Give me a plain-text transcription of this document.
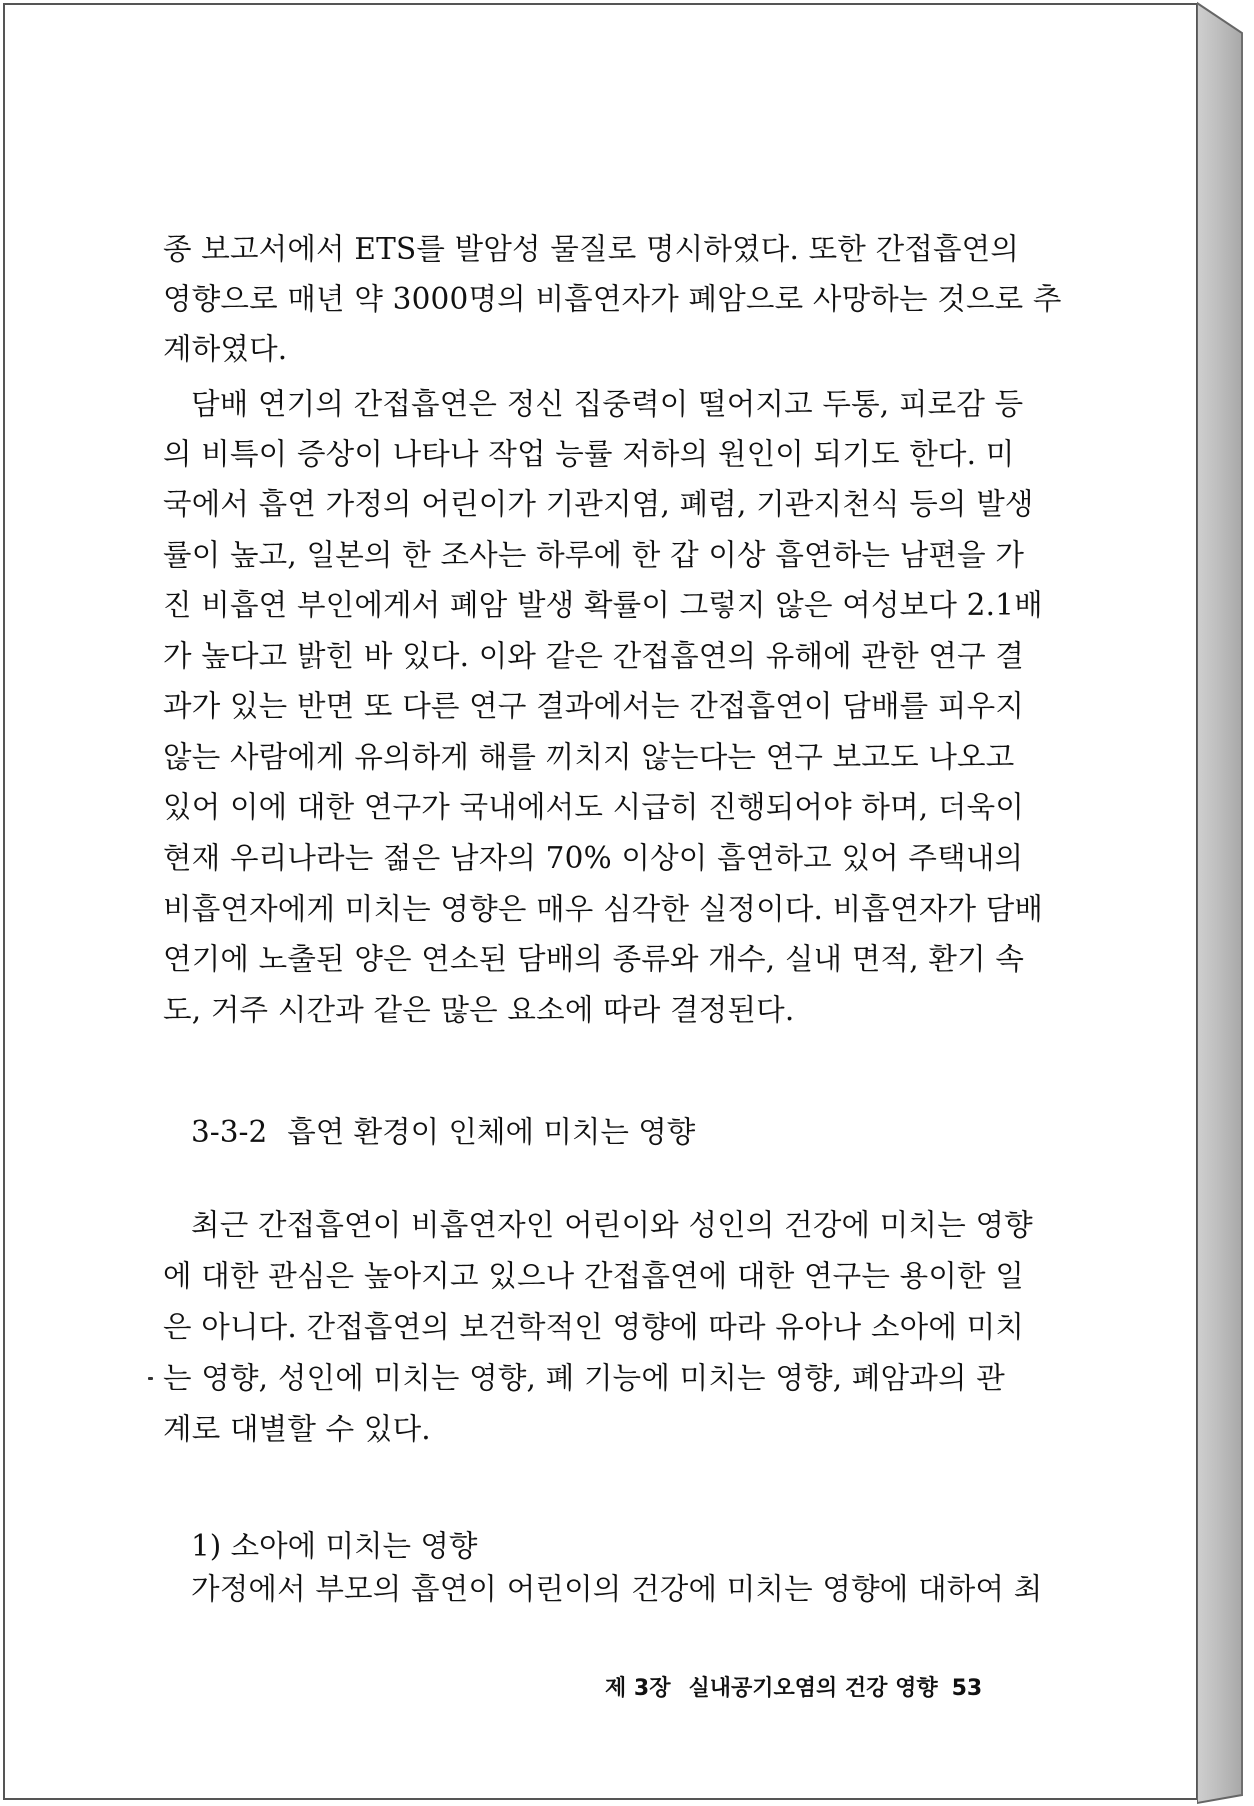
종 보고서에서 ETS를 발암성 물질로 명시하였다. 또한 간접흡연의
영향으로 매년 약 3000명의 비흡연자가 폐암으로 사망하는 것으로 추
계하였다.
담배 연기의 간접흡연은 정신 집중력이 떨어지고 두통, 피로감 등
의 비특이 증상이 나타나 작업 능률 저하의 원인이 되기도 한다. 미
국에서 흡연 가정의 어린이가 기관지염, 폐렴, 기관지천식 등의 발생
률이 높고, 일본의 한 조사는 하루에 한 갑 이상 흡연하는 남편을 가
진 비흡연 부인에게서 폐암 발생 확률이 그렇지 않은 여성보다 2.1배
가 높다고 밝힌 바 있다. 이와 같은 간접흡연의 유해에 관한 연구 결
과가 있는 반면 또 다른 연구 결과에서는 간접흡연이 담배를 피우지
않는 사람에게 유의하게 해를 끼치지 않는다는 연구 보고도 나오고
있어 이에 대한 연구가 국내에서도 시급히 진행되어야 하며, 더욱이
현재 우리나라는 젊은 남자의 70% 이상이 흡연하고 있어 주택내의
비흡연자에게 미치는 영향은 매우 심각한 실정이다. 비흡연자가 담배
연기에 노출된 양은 연소된 담배의 종류와 개수, 실내 면적, 환기 속
도, 거주 시간과 같은 많은 요소에 따라 결정된다.
3-3-2 흡연 환경이 인체에 미치는 영향
최근 간접흡연이 비흡연자인 어린이와 성인의 건강에 미치는 영향
에 대한 관심은 높아지고 있으나 간접흡연에 대한 연구는 용이한 일
은 아니다. 간접흡연의 보건학적인 영향에 따라 유아나 소아에 미치
는 영향, 성인에 미치는 영향, 폐 기능에 미치는 영향, 폐암과의 관
계로 대별할 수 있다.
1) 소아에 미치는 영향
가정에서 부모의 흡연이 어린이의 건강에 미치는 영향에 대하여 최
제 3장 실내공기오염의 건강 영향 53
